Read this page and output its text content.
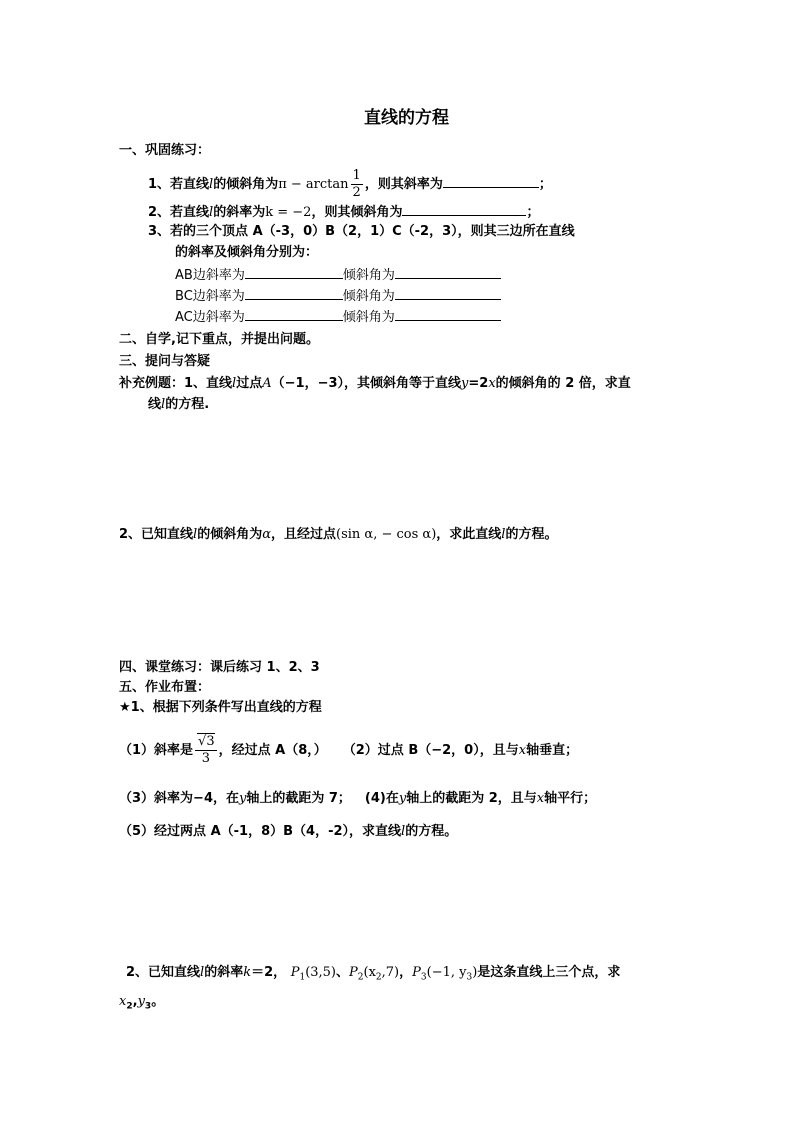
直线的方程
一、巩固练习：
1、若直线l的倾斜角为$\pi - \arctan \frac{1}{2}$ ，则其斜率为	；
2、若直线l的斜率为k = −2，则其倾斜角为	；
3、若的三个顶点 A（-3，0）B（2，1）C（-2，3），则其三边所在直线
的斜率及倾斜角分别为：
AB边斜率为	倾斜角为
BC边斜率为	倾斜角为
AC边斜率为	倾斜角为
二、自学,记下重点，并提出问题。
三、提问与答疑
补充例题：1、直线l过点A（−1，−3），其倾斜角等于直线y=2x的倾斜角的 2 倍，求直
线l的方程.
2、已知直线l的倾斜角为α，且经过点(sin α, − cos α)，求此直线l的方程。
四、课堂练习：课后练习 1、2、3
五、作业布置：
★1、根据下列条件写出直线的方程
（1）斜率是 $\frac{√3}{3}$ ，经过点 A（8，） （2）过点 B（−2，0），且与x轴垂直；
（3）斜率为−4，在y轴上的截距为 7； (4)在y轴上的截距为 2，且与x轴平行；
（5）经过两点 A（-1，8）B（4，-2），求直线l的方程。
2、已知直线l的斜率k＝2， $P_1(3,5)$、$P_2(x_2,7)$，$P_3(-1$, $y_3$)是这条直线上三个点，求
$x_2,y_3$。
